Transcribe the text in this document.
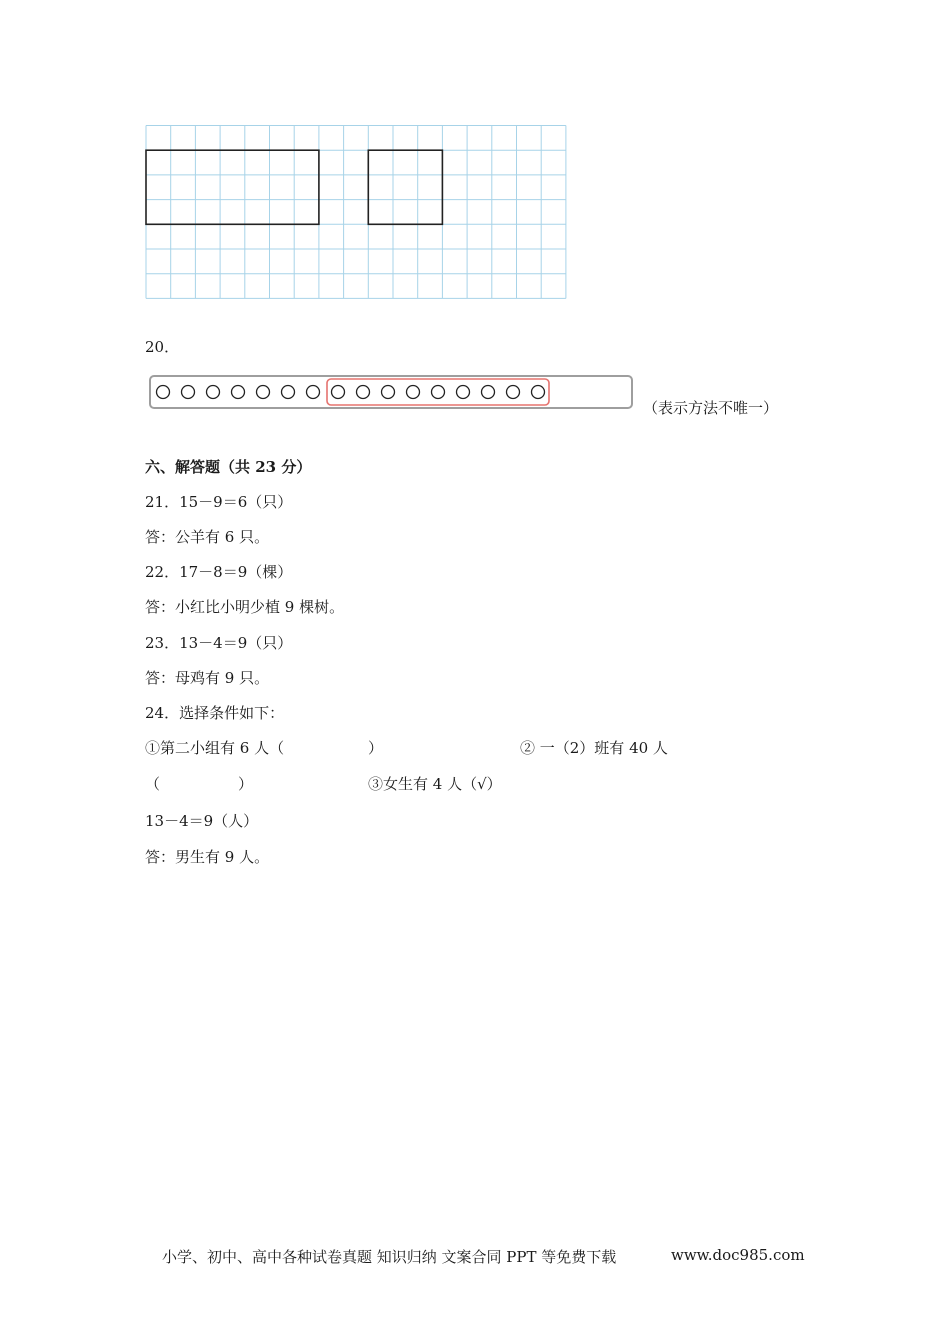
20．
（表示方法不唯一）
六、解答题（共 23 分）
21．15－9＝6（只）
答：公羊有 6 只。
22．17－8＝9（棵）
答：小红比小明少植 9 棵树。
23．13－4＝9（只）
答：母鸡有 9 只。
24．选择条件如下：
①第二小组有 6 人（	）	② 一（2）班有 40 人
（	）	③女生有 4 人（√）
13－4＝9（人）
答：男生有 9 人。
小学、初中、高中各种试卷真题 知识归纳 文案合同 PPT 等免费下载	www.doc985.com
